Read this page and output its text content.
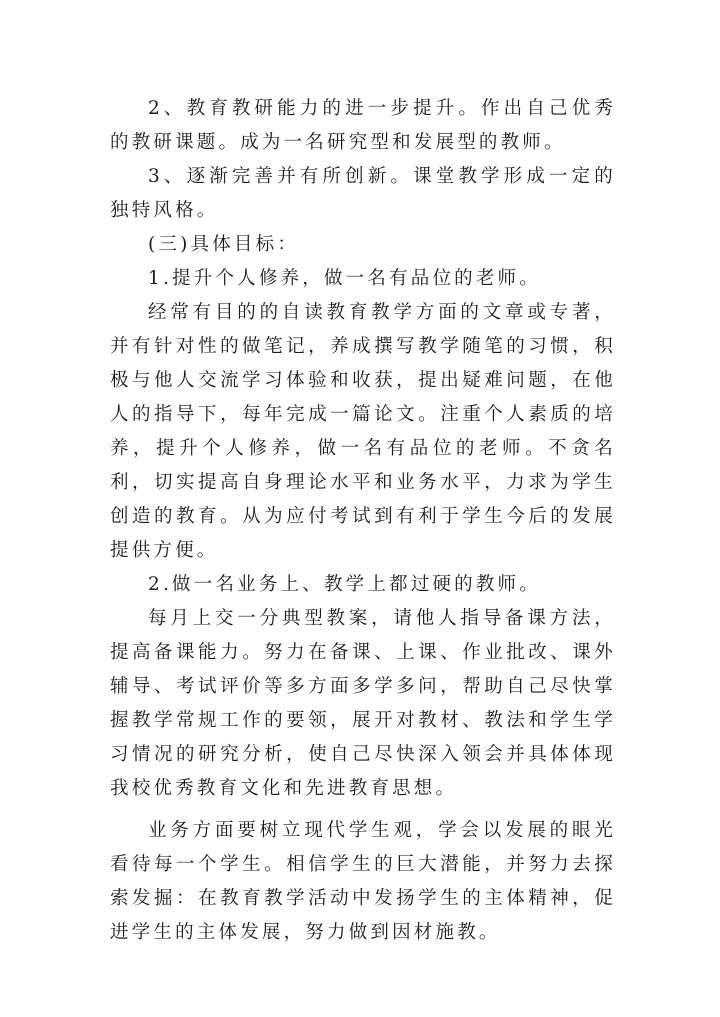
2、教育教研能力的进一步提升。作出自己优秀的教研课题。成为一名研究型和发展型的教师。

3、逐渐完善并有所创新。课堂教学形成一定的独特风格。

(三)具体目标：

1.提升个人修养，做一名有品位的老师。

经常有目的的自读教育教学方面的文章或专著，并有针对性的做笔记，养成撰写教学随笔的习惯，积极与他人交流学习体验和收获，提出疑难问题，在他人的指导下，每年完成一篇论文。注重个人素质的培养，提升个人修养，做一名有品位的老师。不贪名利，切实提高自身理论水平和业务水平，力求为学生创造的教育。从为应付考试到有利于学生今后的发展提供方便。

2.做一名业务上、教学上都过硬的教师。

每月上交一分典型教案，请他人指导备课方法，提高备课能力。努力在备课、上课、作业批改、课外辅导、考试评价等多方面多学多问，帮助自己尽快掌握教学常规工作的要领，展开对教材、教法和学生学习情况的研究分析，使自己尽快深入领会并具体体现我校优秀教育文化和先进教育思想。

业务方面要树立现代学生观，学会以发展的眼光看待每一个学生。相信学生的巨大潜能，并努力去探索发掘：在教育教学活动中发扬学生的主体精神，促进学生的主体发展，努力做到因材施教。
